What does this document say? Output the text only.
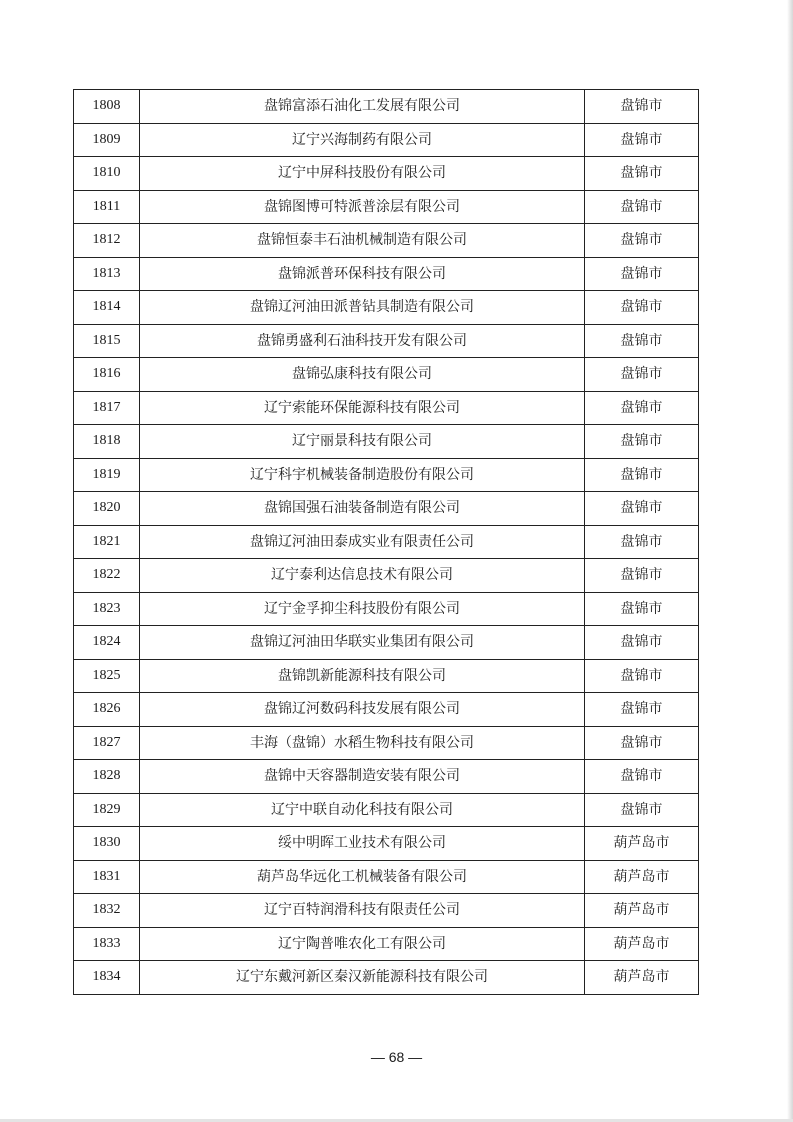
1808	盘锦富添石油化工发展有限公司	盘锦市
1809	辽宁兴海制药有限公司	盘锦市
1810	辽宁中屏科技股份有限公司	盘锦市
1811	盘锦图博可特派普涂层有限公司	盘锦市
1812	盘锦恒泰丰石油机械制造有限公司	盘锦市
1813	盘锦派普环保科技有限公司	盘锦市
1814	盘锦辽河油田派普钻具制造有限公司	盘锦市
1815	盘锦勇盛利石油科技开发有限公司	盘锦市
1816	盘锦弘康科技有限公司	盘锦市
1817	辽宁索能环保能源科技有限公司	盘锦市
1818	辽宁丽景科技有限公司	盘锦市
1819	辽宁科宇机械装备制造股份有限公司	盘锦市
1820	盘锦国强石油装备制造有限公司	盘锦市
1821	盘锦辽河油田泰成实业有限责任公司	盘锦市
1822	辽宁泰利达信息技术有限公司	盘锦市
1823	辽宁金孚抑尘科技股份有限公司	盘锦市
1824	盘锦辽河油田华联实业集团有限公司	盘锦市
1825	盘锦凯新能源科技有限公司	盘锦市
1826	盘锦辽河数码科技发展有限公司	盘锦市
1827	丰海（盘锦）水稻生物科技有限公司	盘锦市
1828	盘锦中天容器制造安装有限公司	盘锦市
1829	辽宁中联自动化科技有限公司	盘锦市
1830	绥中明晖工业技术有限公司	葫芦岛市
1831	葫芦岛华远化工机械装备有限公司	葫芦岛市
1832	辽宁百特润滑科技有限责任公司	葫芦岛市
1833	辽宁陶普唯农化工有限公司	葫芦岛市
1834	辽宁东戴河新区秦汉新能源科技有限公司	葫芦岛市
— 68 —
